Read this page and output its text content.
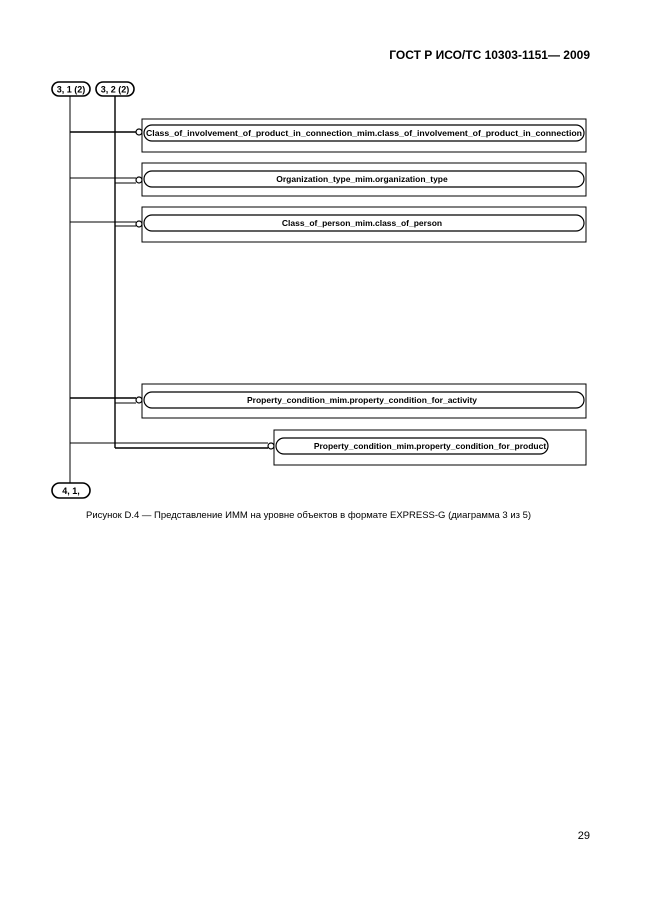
ГОСТ Р ИСО/ТС 10303-1151— 2009
3, 1 (2) 3, 2 (2)
Class_of_involvement_of_product_in_connection_mim.class_of_involvement_of_product_in_connection
Organization_type_mim.organization_type
Class_of_person_mim.class_of_person
Property_condition_mim.property_condition_for_activity
Property_condition_mim.property_condition_for_product
4, 1,
Рисунок D.4 — Представление ИММ на уровне объектов в формате EXPRESS-G (диаграмма 3 из 5)
29
